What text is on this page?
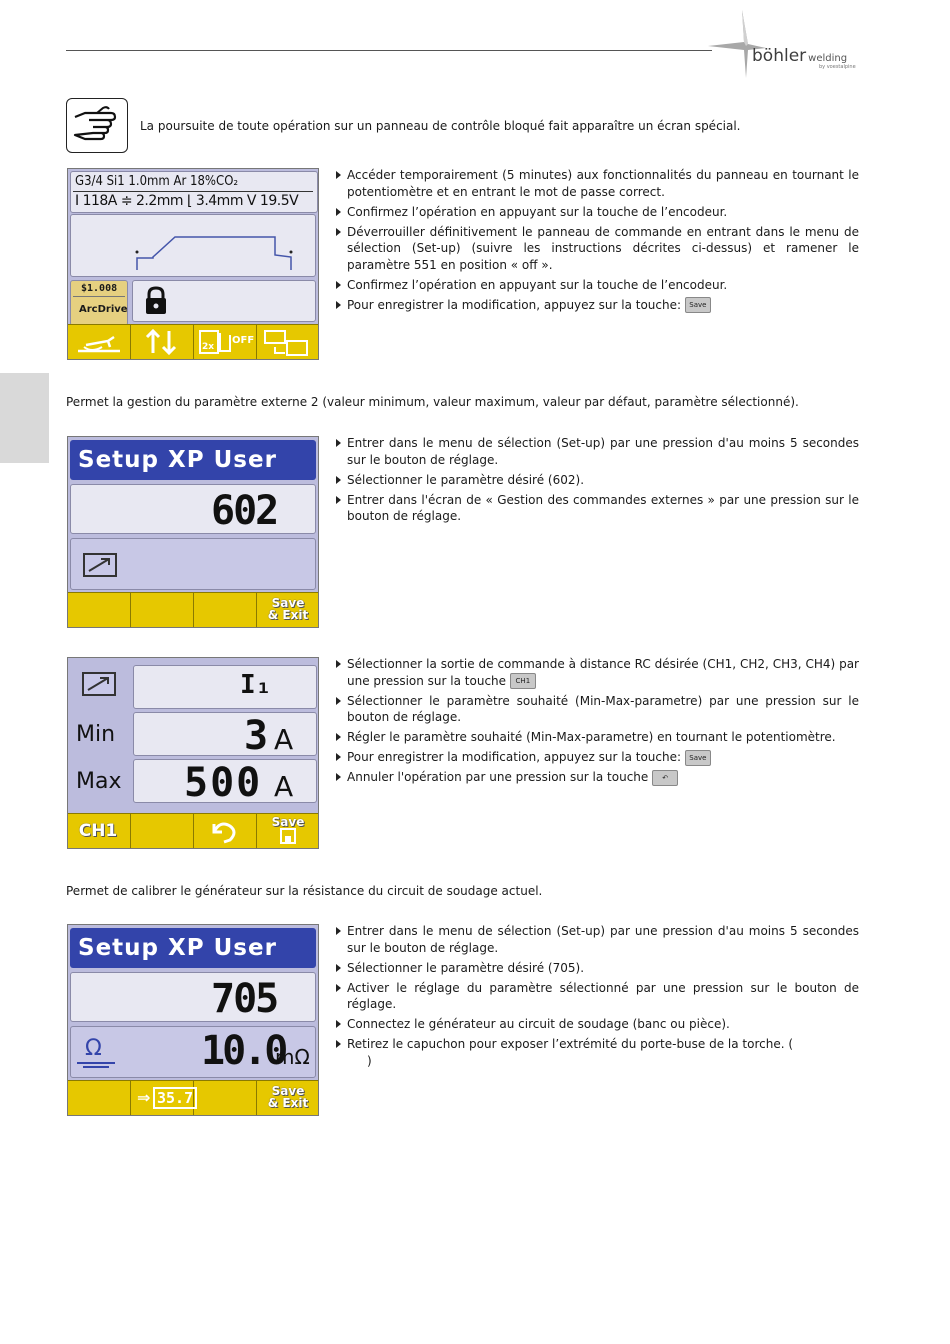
böhler welding
by voestalpine
La poursuite de toute opération sur un panneau de contrôle bloqué fait apparaître un écran spécial.
G3/4 Si1 1.0mm Ar 18%CO₂
I 118A ≑ 2.2mm ⌊ 3.4mm V 19.5V
$1.008
ArcDrive
2x
OFF
Accéder temporairement (5 minutes) aux fonctionnalités du panneau en tournant le potentiomètre et en entrant le mot de passe correct.
Confirmez l’opération en appuyant sur la touche de l’encodeur.
Déverrouiller définitivement le panneau de commande en entrant dans le menu de sélection (Set-up) (suivre les instructions décrites ci-dessus) et ramener le paramètre 551 en position « off ».
Confirmez l’opération en appuyant sur la touche de l’encodeur.
Pour enregistrer la modification, appuyez sur la touche: Save
Permet la gestion du paramètre externe 2 (valeur minimum, valeur maximum, valeur par défaut, paramètre sélectionné).
Setup XP User
602
Save
& Exit
Entrer dans le menu de sélection (Set-up) par une pression d'au moins 5 secondes sur le bouton de réglage.
Sélectionner le paramètre désiré (602).
Entrer dans l'écran de « Gestion des commandes externes » par une pression sur le bouton de réglage.
I₁
Min	3 A
Max 500 A
CH1	Save
Sélectionner la sortie de commande à distance RC désirée (CH1, CH2, CH3, CH4) par une pression sur la touche CH1
Sélectionner le paramètre souhaité (Min-Max-parametre) par une pression sur le bouton de réglage.
Régler le paramètre souhaité (Min-Max-parametre) en tournant le potentiomètre.
Pour enregistrer la modification, appuyez sur la touche: Save
Annuler l'opération par une pression sur la touche ↶
Permet de calibrer le générateur sur la résistance du circuit de soudage actuel.
Setup XP User
705
Ω 10.0
mΩ
⇒ 35.7	Save
& Exit
Entrer dans le menu de sélection (Set-up) par une pression d'au moins 5 secondes sur le bouton de réglage.
Sélectionner le paramètre désiré (705).
Activer le réglage du paramètre sélectionné par une pression sur le bouton de réglage.
Connectez le générateur au circuit de soudage (banc ou pièce).
Retirez le capuchon pour exposer l’extrémité du porte-buse de la torche. (
)
